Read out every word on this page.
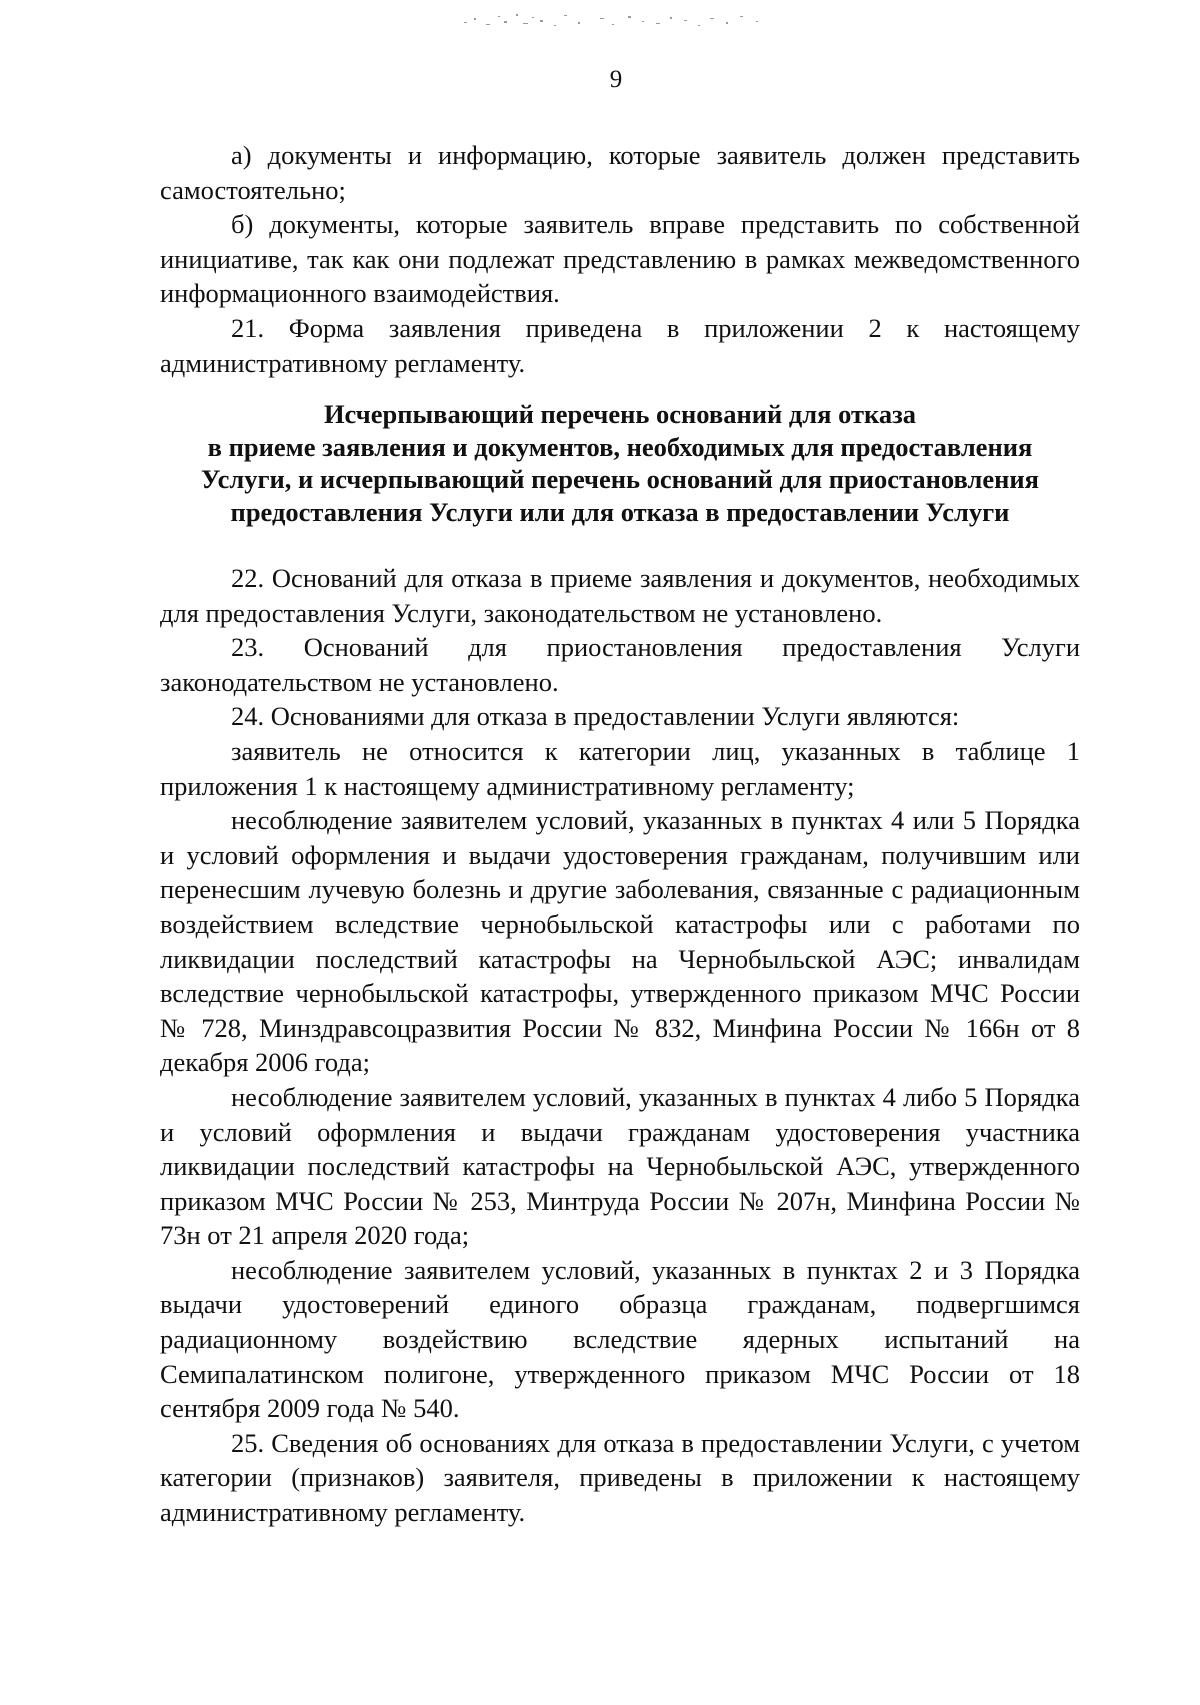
9

а) документы и информацию, которые заявитель должен представить самостоятельно;

б) документы, которые заявитель вправе представить по собственной инициативе, так как они подлежат представлению в рамках межведомственного информационного взаимодействия.

21. Форма заявления приведена в приложении 2 к настоящему административному регламенту.

Исчерпывающий перечень оснований для отказа
в приеме заявления и документов, необходимых для предоставления
Услуги, и исчерпывающий перечень оснований для приостановления
предоставления Услуги или для отказа в предоставлении Услуги

22. Оснований для отказа в приеме заявления и документов, необходимых для предоставления Услуги, законодательством не установлено.

23. Оснований для приостановления предоставления Услуги законодательством не установлено.

24. Основаниями для отказа в предоставлении Услуги являются:

заявитель не относится к категории лиц, указанных в таблице 1 приложения 1 к настоящему административному регламенту;

несоблюдение заявителем условий, указанных в пунктах 4 или 5 Порядка и условий оформления и выдачи удостоверения гражданам, получившим или перенесшим лучевую болезнь и другие заболевания, связанные с радиационным воздействием вследствие чернобыльской катастрофы или с работами по ликвидации последствий катастрофы на Чернобыльской АЭС; инвалидам вследствие чернобыльской катастрофы, утвержденного приказом МЧС России № 728, Минздравсоцразвития России № 832, Минфина России № 166н от 8 декабря 2006 года;

несоблюдение заявителем условий, указанных в пунктах 4 либо 5 Порядка и условий оформления и выдачи гражданам удостоверения участника ликвидации последствий катастрофы на Чернобыльской АЭС, утвержденного приказом МЧС России № 253, Минтруда России № 207н, Минфина России № 73н от 21 апреля 2020 года;

несоблюдение заявителем условий, указанных в пунктах 2 и 3 Порядка выдачи удостоверений единого образца гражданам, подвергшимся радиационному воздействию вследствие ядерных испытаний на Семипалатинском полигоне, утвержденного приказом МЧС России от 18 сентября 2009 года № 540.

25. Сведения об основаниях для отказа в предоставлении Услуги, с учетом категории (признаков) заявителя, приведены в приложении к настоящему административному регламенту.
